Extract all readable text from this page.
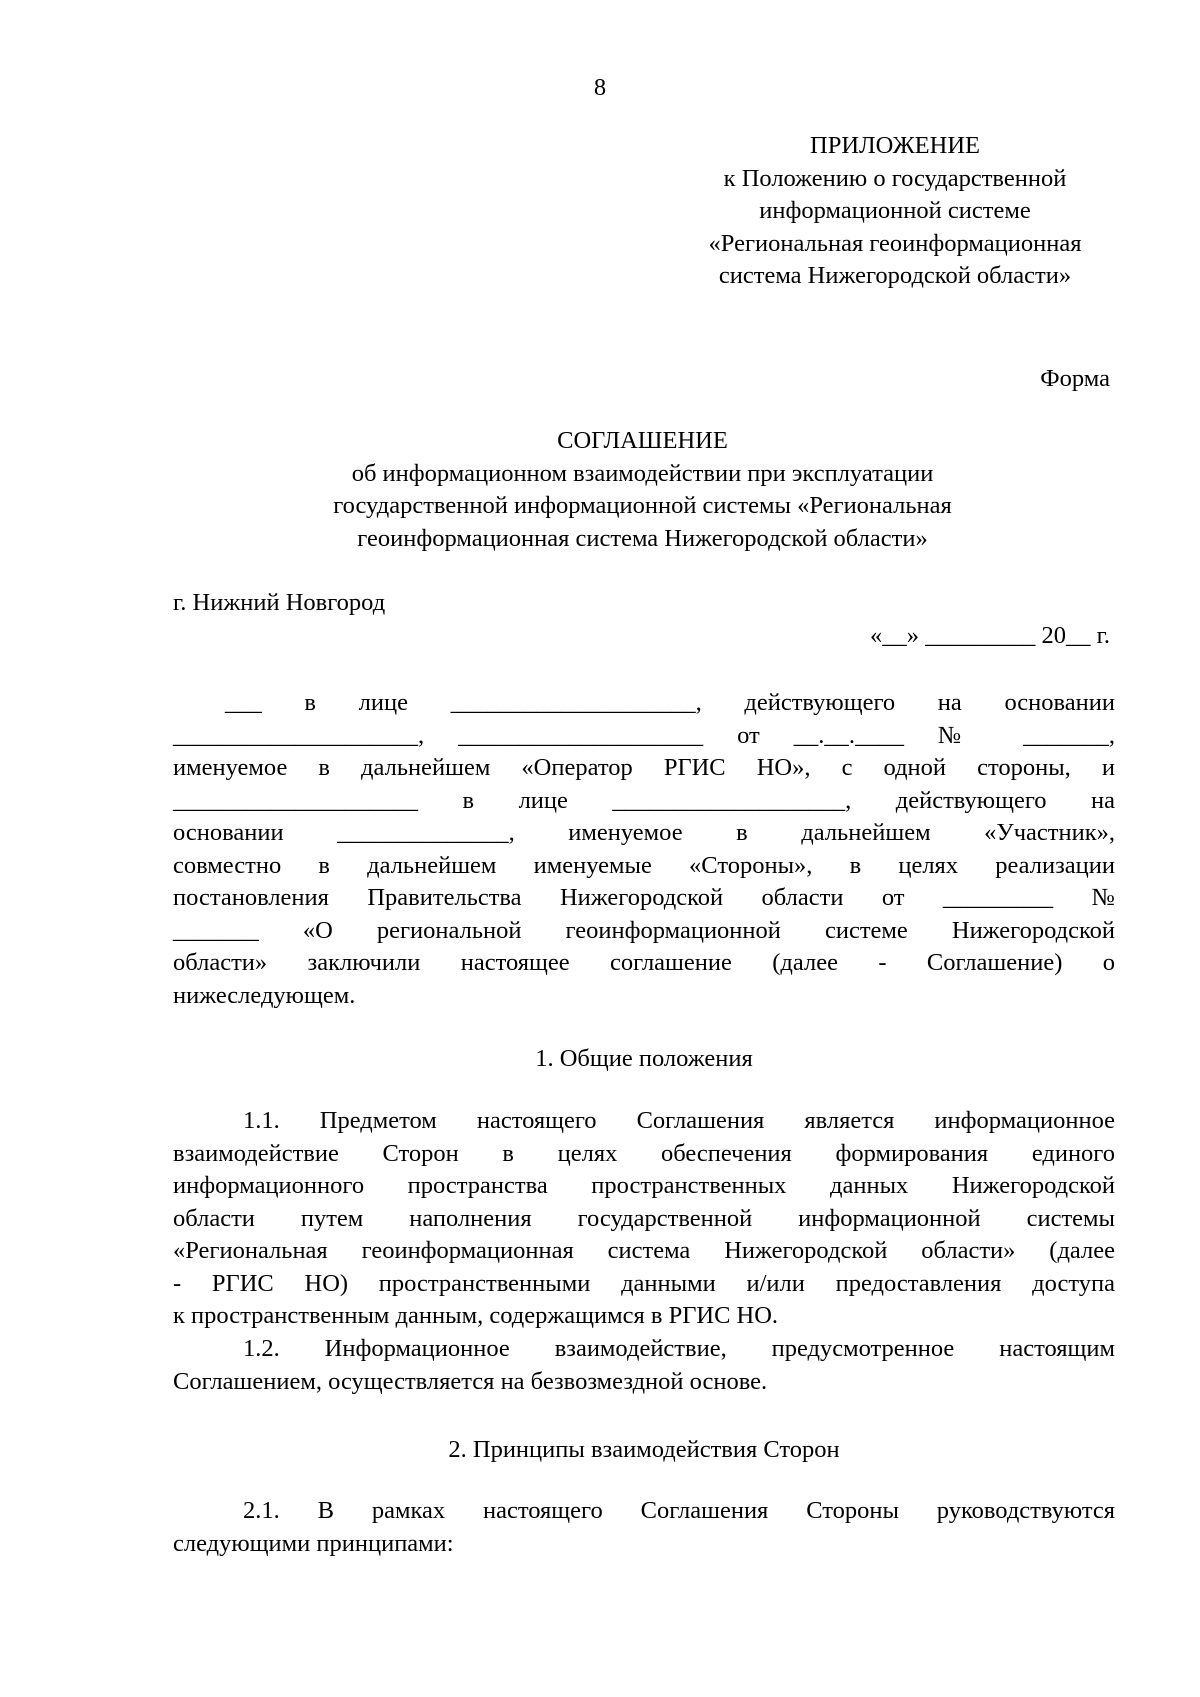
8
ПРИЛОЖЕНИЕ
к Положению о государственной
информационной системе
«Региональная геоинформационная
система Нижегородской области»
Форма
СОГЛАШЕНИЕ
об информационном взаимодействии при эксплуатации
государственной информационной системы «Региональная
геоинформационная система Нижегородской области»
г. Нижний Новгород
«__» _________ 20__ г.
___ в лице ____________________, действующего на основании
____________________, ____________________ от __.__.____ № _______,
именуемое в дальнейшем «Оператор РГИС НО», с одной стороны, и
____________________ в лице ___________________, действующего на
основании ______________, именуемое в дальнейшем «Участник»,
совместно в дальнейшем именуемые «Стороны», в целях реализации
постановления Правительства Нижегородской области от _________ №
_______ «О региональной геоинформационной системе Нижегородской
области» заключили настоящее соглашение (далее - Соглашение) о
нижеследующем.
1. Общие положения
1.1. Предметом настоящего Соглашения является информационное
взаимодействие Сторон в целях обеспечения формирования единого
информационного пространства пространственных данных Нижегородской
области путем наполнения государственной информационной системы
«Региональная геоинформационная система Нижегородской области» (далее
- РГИС НО) пространственными данными и/или предоставления доступа
к пространственным данным, содержащимся в РГИС НО.
1.2. Информационное взаимодействие, предусмотренное настоящим
Соглашением, осуществляется на безвозмездной основе.
2. Принципы взаимодействия Сторон
2.1. В рамках настоящего Соглашения Стороны руководствуются
следующими принципами:
